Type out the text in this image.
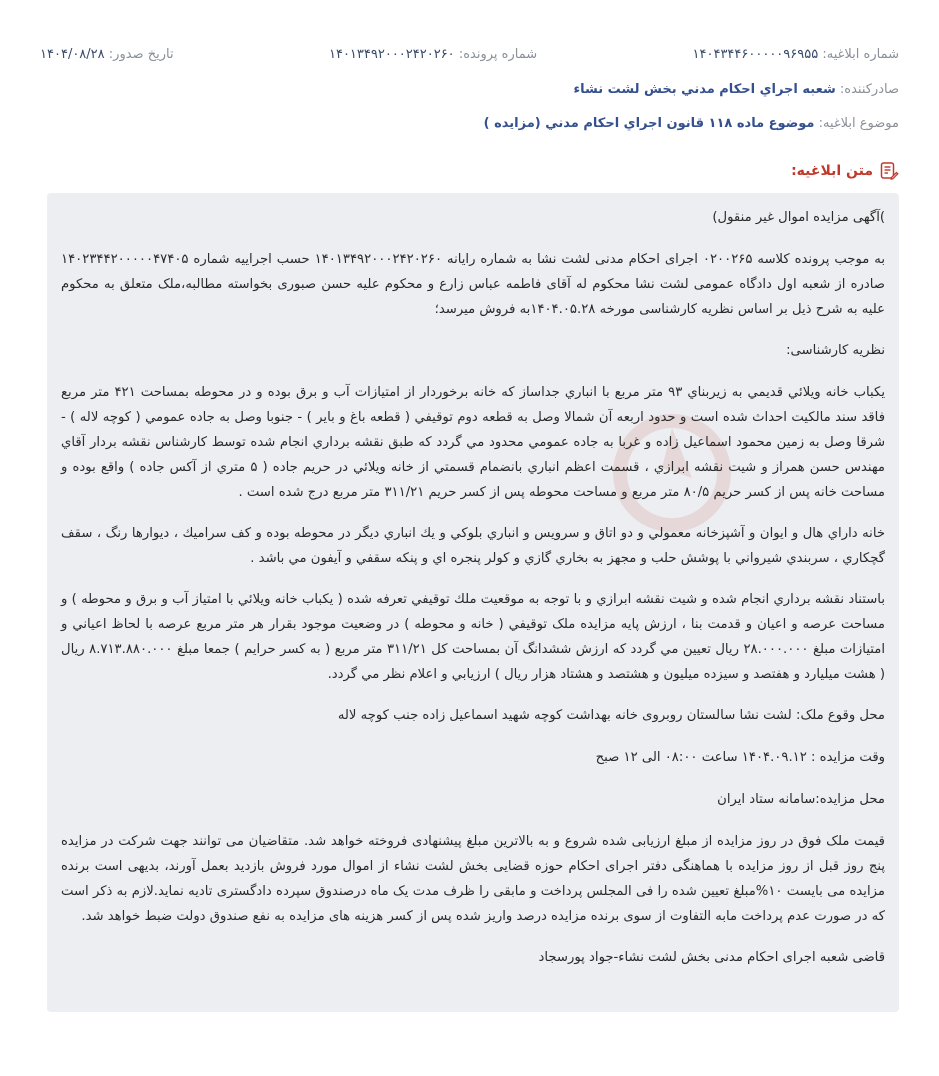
شماره ابلاغيه: ۱۴۰۴۳۴۴۶۰۰۰۰۰۹۶۹۵۵
شماره پرونده: ۱۴۰۱۳۴۹۲۰۰۰۲۴۲۰۲۶۰
تاريخ صدور: ۱۴۰۴/۰۸/۲۸
صادرکننده: شعبه اجراي احکام مدني بخش لشت نشاء
موضوع ابلاغيه: موضوع ماده ۱۱۸ قانون اجراي احکام مدني (مزايده )
متن ابلاغيه:

)آگهی مزایده اموال غیر منقول)

به موجب پرونده کلاسه ۰۲۰۰۲۶۵ اجرای احکام مدنی لشت نشا به شماره رایانه ۱۴۰۱۳۴۹۲۰۰۰۲۴۲۰۲۶۰ حسب اجراییه شماره ۱۴۰۲۳۴۴۲۰۰۰۰۰۴۷۴۰۵ صادره از شعبه اول دادگاه عمومی لشت نشا محکوم له آقای فاطمه عباس زارع و محکوم علیه حسن صبوری بخواسته مطالبه،ملک متعلق به محکوم علیه به شرح ذیل بر اساس نظریه کارشناسی مورخه ۱۴۰۴.۰۵.۲۸به فروش میرسد؛

نظریه کارشناسی:

يکباب خانه ويلائي قديمي به زيربناي ۹۳ متر مربع با انباري جداساز که خانه برخوردار از امتيازات آب و برق بوده و در محوطه بمساحت ۴۲۱ متر مربع فاقد سند مالکيت احداث شده است و حدود اربعه آن شمالا وصل به قطعه دوم توقيفي ( قطعه باغ و باير ) - جنوبا وصل به جاده عمومي ( کوچه لاله ) - شرقا وصل به زمين محمود اسماعيل زاده و غربا به جاده عمومي محدود مي گردد که طبق نقشه برداري انجام شده توسط کارشناس نقشه بردار آقاي مهندس حسن همراز و شيت نقشه ابرازي ، قسمت اعظم انباري بانضمام قسمتي از خانه ويلائي در حريم جاده ( ۵ متري از آکس جاده ) واقع بوده و مساحت خانه پس از کسر حريم ۸۰/۵ متر مربع و مساحت محوطه پس از کسر حريم ۳۱۱/۲۱ متر مربع درج شده است .

خانه داراي هال و ايوان و آشپزخانه معمولي و دو اتاق و سرويس و انباري بلوکي و يك انباري ديگر در محوطه بوده و کف سراميك ، ديوارها رنگ ، سقف گچکاري ، سربندي شيرواني با پوشش حلب و مجهز به بخاري گازي و کولر پنجره اي و پنکه سقفي و آيفون مي باشد .

باستناد نقشه برداري انجام شده و شيت نقشه ابرازي و با توجه به موقعيت ملك توقيفي تعرفه شده ( يکباب خانه ويلائي با امتياز آب و برق و محوطه ) و مساحت عرصه و اعيان و قدمت بنا ، ارزش پايه مزايده ملک توقيفي ( خانه و محوطه ) در وضعيت موجود بقرار هر متر مربع عرصه با لحاظ اعياني و امتيازات مبلغ ۲۸.۰۰۰.۰۰۰ ريال تعيين مي گردد که ارزش ششدانگ آن بمساحت کل ۳۱۱/۲۱ متر مربع ( به کسر حرايم ) جمعا مبلغ ۸.۷۱۳.۸۸۰.۰۰۰ ريال ( هشت ميليارد و هفتصد و سيزده ميليون و هشتصد و هشتاد هزار ريال ) ارزيابي و اعلام نظر مي گردد.

محل وقوع ملک: لشت نشا سالستان روبروی خانه بهداشت کوچه شهید اسماعیل زاده جنب کوچه لاله

وقت مزایده : ۱۴۰۴.۰۹.۱۲ ساعت ۰۸:۰۰ الی ۱۲ صبح

محل مزایده:سامانه ستاد ایران

قیمت ملک فوق در روز مزایده از مبلغ ارزیابی شده شروع و به بالاترین مبلغ پیشنهادی فروخته خواهد شد. متقاضیان می توانند جهت شرکت در مزایده پنج روز قبل از روز مزایده با هماهنگی دفتر اجرای احکام حوزه قضایی بخش لشت نشاء از اموال مورد فروش بازدید بعمل آورند، بدیهی است برنده مزایده می بایست ۱۰%مبلغ تعیین شده را فی المجلس پرداخت و مابقی را ظرف مدت یک ماه درصندوق سپرده دادگستری تادیه نماید.لازم به ذکر است که در صورت عدم پرداخت مابه التفاوت از سوی برنده مزایده درصد واریز شده پس از کسر هزینه های مزایده به نفع صندوق دولت ضبط خواهد شد.

قاضی شعبه اجرای احکام مدنی بخش لشت نشاء-جواد پورسجاد
